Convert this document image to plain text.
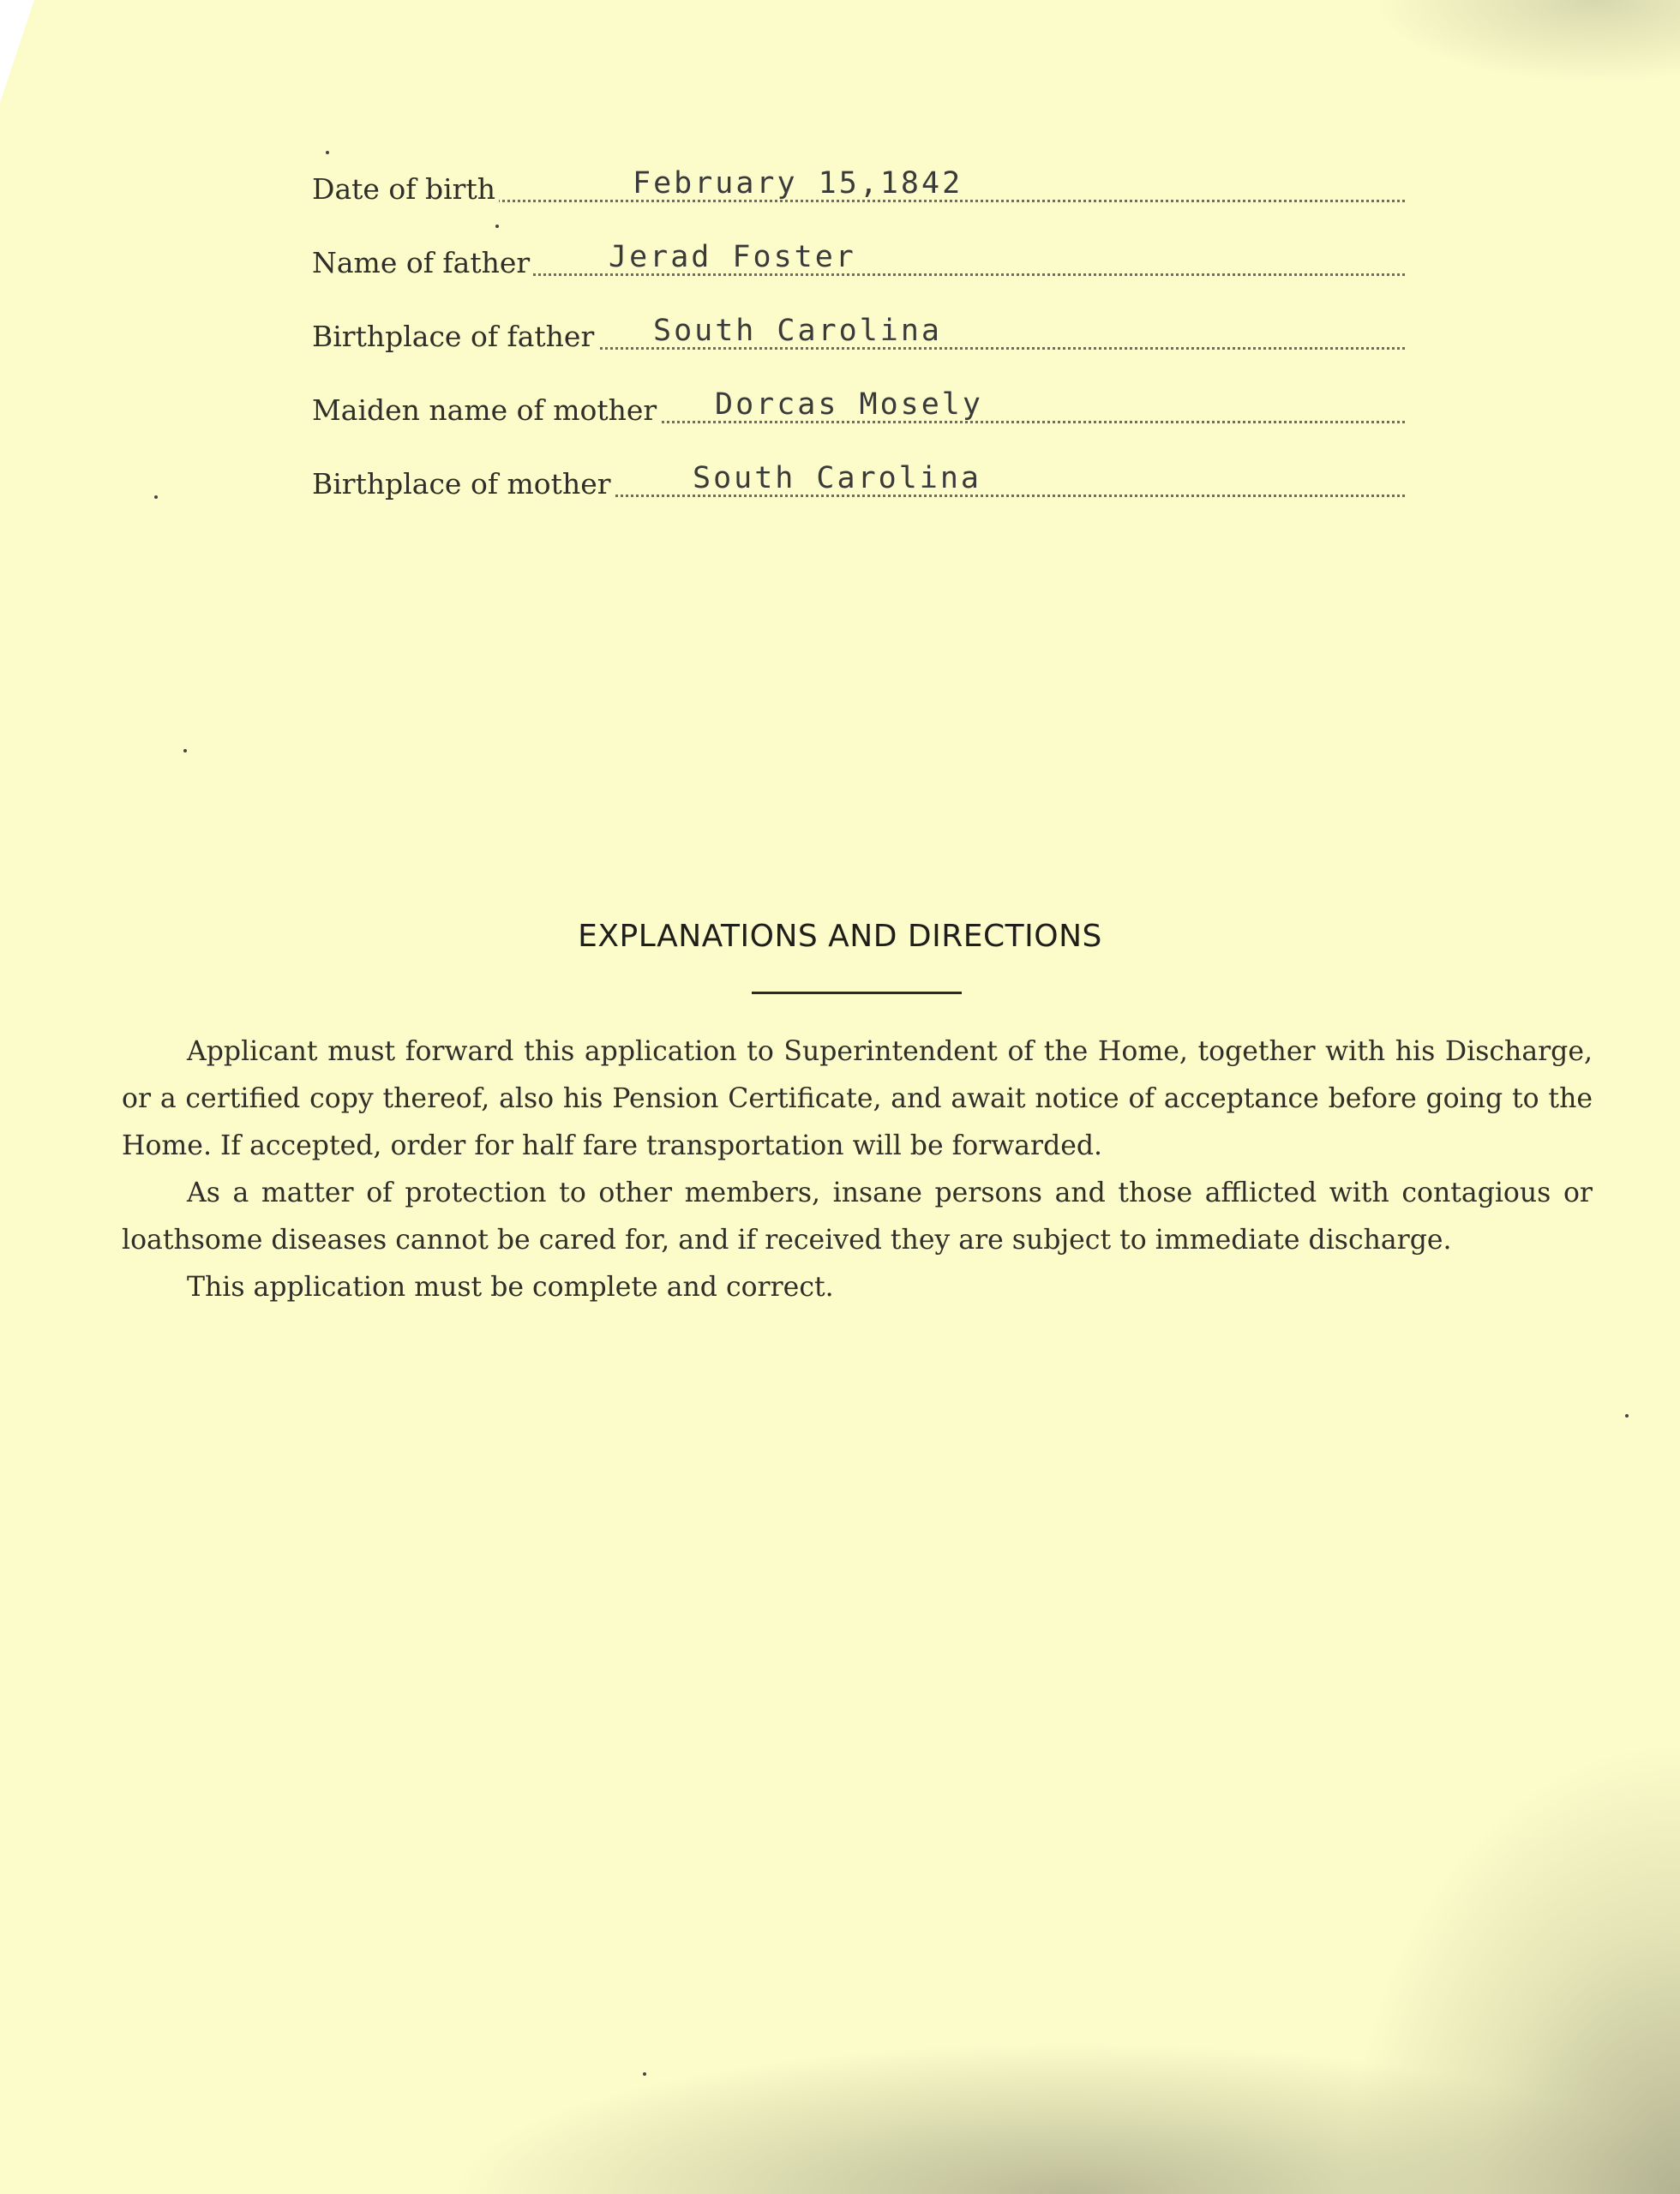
Date of birth	February 15,1842
Name of father	Jerad Foster
Birthplace of father South Carolina
Maiden name of mother Dorcas Mosely
Birthplace of mother	South Carolina
EXPLANATIONS AND DIRECTIONS

Applicant must forward this application to Superintendent of the Home, together with his Discharge, or a certified copy thereof, also his Pension Certificate, and await notice of acceptance before going to the Home. If accepted, order for half fare transportation will be forwarded.

As a matter of protection to other members, insane persons and those afflicted with contagious or loathsome diseases cannot be cared for, and if received they are subject to immediate discharge.

This application must be complete and correct.
